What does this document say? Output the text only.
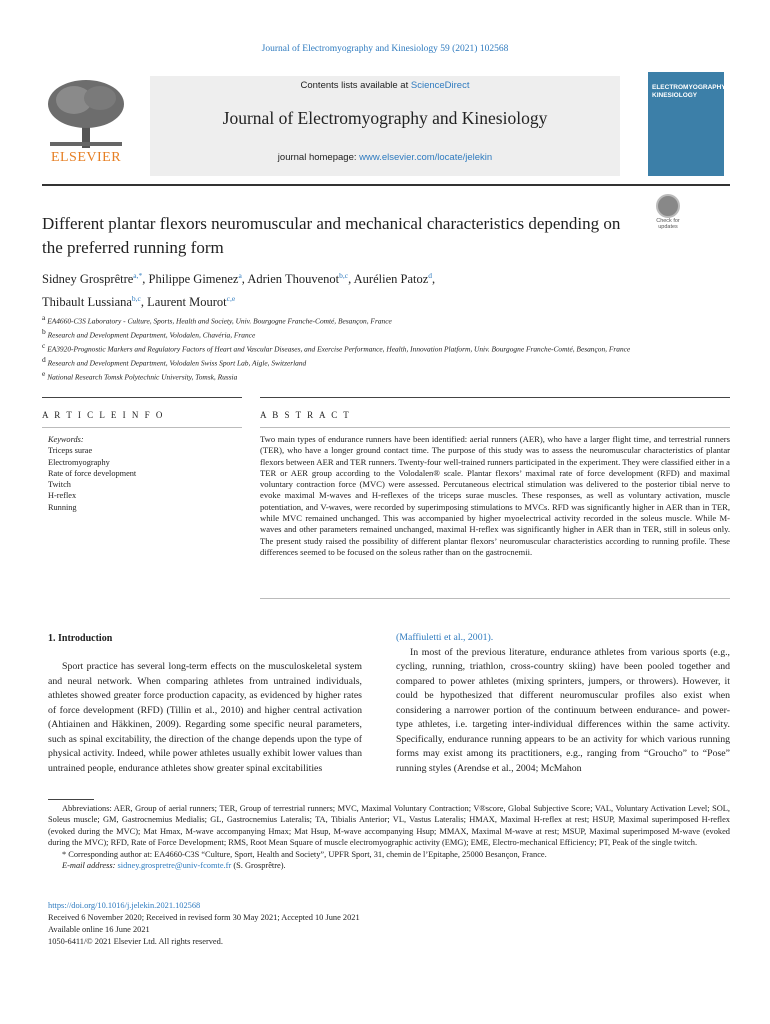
Journal of Electromyography and Kinesiology 59 (2021) 102568
ELSEVIER
Contents lists available at ScienceDirect
Journal of Electromyography and Kinesiology
journal homepage: www.elsevier.com/locate/jelekin
ELECTROMYOGRAPHY KINESIOLOGY
Check for updates
Different plantar flexors neuromuscular and mechanical characteristics depending on the preferred running form
Sidney Grosprêtre$^{a,*}$, Philippe Gimenez$^a$, Adrien Thouvenot$^{b,c}$, Aurélien Patoz$^d$,
Thibault Lussiana$^{b,c}$, Laurent Mourot$^{c,e}$
$^a$ EA4660-C3S Laboratory - Culture, Sports, Health and Society, Univ. Bourgogne Franche-Comté, Besançon, France
$^b$ Research and Development Department, Volodalen, Chavéria, France
$^c$ EA3920-Prognostic Markers and Regulatory Factors of Heart and Vascular Diseases, and Exercise Performance, Health, Innovation Platform, Univ. Bourgogne Franche-Comté, Besançon, France
$^d$ Research and Development Department, Volodalen Swiss Sport Lab, Aigle, Switzerland
$^e$ National Research Tomsk Polytechnic University, Tomsk, Russia
A R T I C L E I N F O	A B S T R A C T
Keywords:
Triceps surae
Electromyography
Rate of force development
Twitch
H-reflex
Running
Two main types of endurance runners have been identified: aerial runners (AER), who have a larger flight time, and terrestrial runners (TER), who have a longer ground contact time. The purpose of this study was to assess the neuromuscular characteristics of plantar flexors between AER and TER runners. Twenty-four well-trained runners participated in the experiment. They were classified either in a TER or AER group according to the Volodalen® scale. Plantar flexors’ maximal rate of force development (RFD) and maximal voluntary contraction force (MVC) were assessed. Percutaneous electrical stimulation was delivered to the posterior tibial nerve to evoke maximal M-waves and H-reflexes of the triceps surae muscles. These responses, as well as voluntary activation, muscle potentiation, and V-waves, were recorded by superimposing stimulations to MVCs. RFD was significantly higher in AER than in TER, while MVC remained unchanged. This was accompanied by higher myoelectrical activity recorded in the soleus muscle. While M-waves and other parameters remained unchanged, maximal H-reflex was significantly higher in AER than in TER, still in soleus only. The present study raised the possibility of different plantar flexors’ neuromuscular characteristics according to running profile. These differences seemed to be focused on the soleus rather than on the gastrocnemii.
1. Introduction

Sport practice has several long-term effects on the musculoskeletal system and neural network. When comparing athletes from untrained individuals, athletes showed greater force production capacity, as evidenced by higher rates of force development (RFD) (Tillin et al., 2010) and higher central activation (Ahtiainen and Häkkinen, 2009). Regarding some specific neural parameters, such as spinal excitability, the direction of the change depends upon the type of physical activity. Indeed, while power athletes usually exhibit lower values than untrained people, endurance athletes show greater spinal excitabilities

(Maffiuletti et al., 2001).

In most of the previous literature, endurance athletes from various sports (e.g., cycling, running, triathlon, cross-country skiing) have been pooled together and compared to power athletes (mixing sprinters, jumpers, or throwers). However, it could be hypothesized that different neuromuscular profiles also exist when considering a narrower portion of the continuum between endurance- and power-type athletes, i.e. targeting inter-individual differences within the same activity. Specifically, endurance running appears to be an activity for which various running forms may exist among its practitioners, e.g., ranging from “Groucho” to “Pose” running styles (Arendse et al., 2004; McMahon

Abbreviations: AER, Group of aerial runners; TER, Group of terrestrial runners; MVC, Maximal Voluntary Contraction; V®score, Global Subjective Score; VAL, Voluntary Activation Level; SOL, Soleus muscle; GM, Gastrocnemius Medialis; GL, Gastrocnemius Lateralis; TA, Tibialis Anterior; VL, Vastus Lateralis; HMAX, Maximal H-reflex at rest; HSUP, Maximal superimposed H-reflex (evoked during the MVC); Mat Hmax, M-wave accompanying Hmax; Mat Hsup, M-wave accompanying Hsup; MMAX, Maximal M-wave at rest; MSUP, Maximal superimposed M-wave (evoked during the MVC); RFD, Rate of Force Development; RMS, Root Mean Square of muscle electromyographic activity (EMG); EME, Electro-mechanical Efficiency; PT, Peak of the single twitch.

* Corresponding author at: EA4660-C3S “Culture, Sport, Health and Society”, UPFR Sport, 31, chemin de l’Epitaphe, 25000 Besançon, France.

E-mail address: sidney.grospretre@univ-fcomte.fr (S. Grosprêtre).

https://doi.org/10.1016/j.jelekin.2021.102568
Received 6 November 2020; Received in revised form 30 May 2021; Accepted 10 June 2021
Available online 16 June 2021
1050-6411/© 2021 Elsevier Ltd. All rights reserved.
